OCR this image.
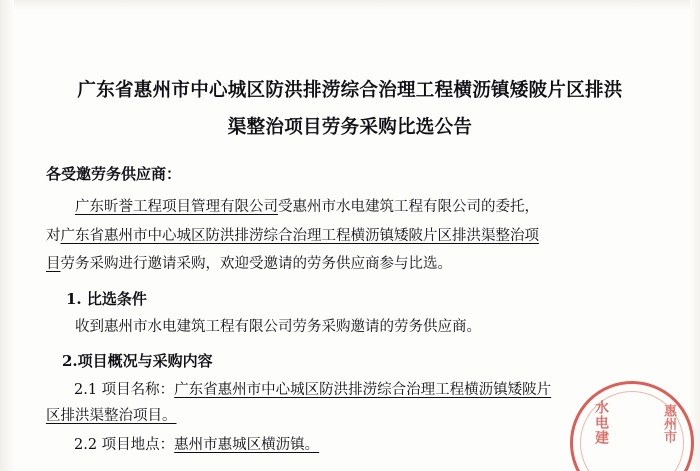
广东省惠州市中心城区防洪排涝综合治理工程横沥镇矮陂片区排洪
渠整治项目劳务采购比选公告

各受邀劳务供应商：

广东昕誉工程项目管理有限公司受惠州市水电建筑工程有限公司的委托，

对广东省惠州市中心城区防洪排涝综合治理工程横沥镇矮陂片区排洪渠整治项

目劳务采购进行邀请采购，欢迎受邀请的劳务供应商参与比选。

1. 比选条件

收到惠州市水电建筑工程有限公司劳务采购邀请的劳务供应商。

2.项目概况与采购内容

2.1 项目名称：广东省惠州市中心城区防洪排涝综合治理工程横沥镇矮陂片

区排洪渠整治项目。

2.2 项目地点：惠州市惠城区横沥镇。	水电建	惠州市
